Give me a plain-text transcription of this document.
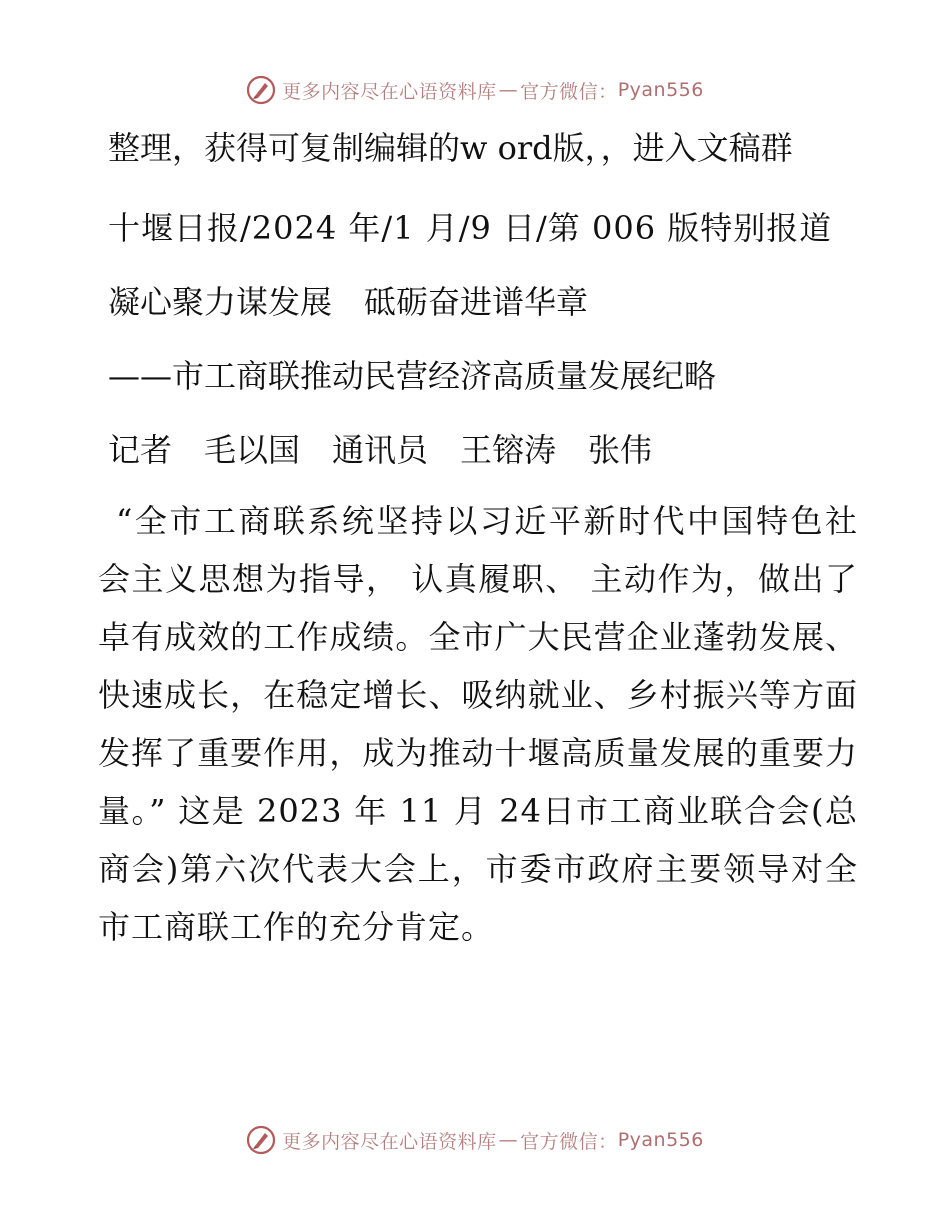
更多内容尽在心语资料库 — 官方微信： Pyan556

整理，获得可复制编辑的w ord版，，进入文稿群

十堰日报/2024 年/1 月/9 日/第 006 版特别报道

凝心聚力谋发展　砥砺奋进谱华章

——市工商联推动民营经济高质量发展纪略

记者　毛以国　通讯员　王镕涛　张伟

“全市工商联系统坚持以习近平新时代中国特色社会主义思想为指导， 认真履职、 主动作为，做出了卓有成效的工作成绩。全市广大民营企业蓬勃发展、快速成长，在稳定增长、吸纳就业、乡村振兴等方面发挥了重要作用，成为推动十堰高质量发展的重要力量。” 这是 2023 年 11 月 24日市工商业联合会(总商会)第六次代表大会上，市委市政府主要领导对全市工商联工作的充分肯定。

更多内容尽在心语资料库 — 官方微信： Pyan556
